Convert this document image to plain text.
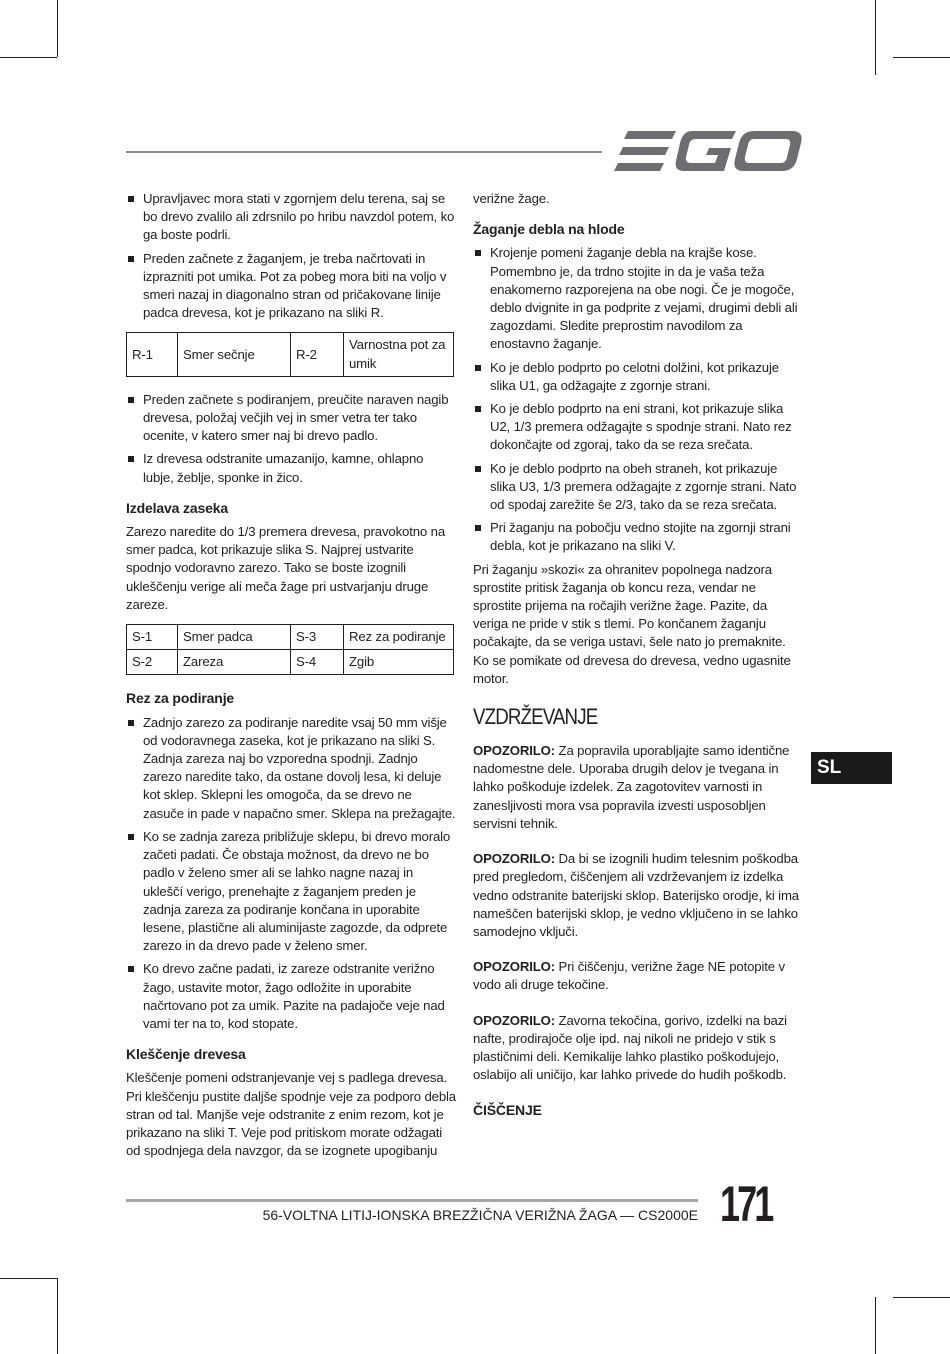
Upravljavec mora stati v zgornjem delu terena, saj se bo drevo zvalilo ali zdrsnilo po hribu navzdol potem, ko ga boste podrli.
Preden začnete z žaganjem, je treba načrtovati in izprazniti pot umika. Pot za pobeg mora biti na voljo v smeri nazaj in diagonalno stran od pričakovane linije padca drevesa, kot je prikazano na sliki R.
R-1	Smer sečnje	R-2	Varnostna pot za umik
Preden začnete s podiranjem, preučite naraven nagib drevesa, položaj večjih vej in smer vetra ter tako ocenite, v katero smer naj bi drevo padlo.
Iz drevesa odstranite umazanijo, kamne, ohlapno lubje, žeblje, sponke in žico.
Izdelava zaseka

Zarezo naredite do 1/3 premera drevesa, pravokotno na smer padca, kot prikazuje slika S. Najprej ustvarite spodnjo vodoravno zarezo. Tako se boste izognili ukleščenju verige ali meča žage pri ustvarjanju druge zareze.

S-1	Smer padca	S-3	Rez za podiranje
S-2	Zareza	S-4	Zgib
Rez za podiranje
Zadnjo zarezo za podiranje naredite vsaj 50 mm višje od vodoravnega zaseka, kot je prikazano na sliki S. Zadnja zareza naj bo vzporedna spodnji. Zadnjo zarezo naredite tako, da ostane dovolj lesa, ki deluje kot sklep. Sklepni les omogoča, da se drevo ne zasuče in pade v napačno smer. Sklepa na prežagajte.
Ko se zadnja zareza približuje sklepu, bi drevo moralo začeti padati. Če obstaja možnost, da drevo ne bo padlo v želeno smer ali se lahko nagne nazaj in ukleščí verigo, prenehajte z žaganjem preden je zadnja zareza za podiranje končana in uporabite lesene, plastične ali aluminijaste zagozde, da odprete zarezo in da drevo pade v želeno smer.
Ko drevo začne padati, iz zareze odstranite verižno žago, ustavite motor, žago odložite in uporabite načrtovano pot za umik. Pazite na padajoče veje nad vami ter na to, kod stopate.
Kleščenje drevesa

Kleščenje pomeni odstranjevanje vej s padlega drevesa. Pri kleščenju pustite daljše spodnje veje za podporo debla stran od tal. Manjše veje odstranite z enim rezom, kot je prikazano na sliki T. Veje pod pritiskom morate odžagati od spodnjega dela navzgor, da se izognete upogibanju

verižne žage.

Žaganje debla na hlode
Krojenje pomeni žaganje debla na krajše kose. Pomembno je, da trdno stojite in da je vaša teža enakomerno razporejena na obe nogi. Če je mogoče, deblo dvignite in ga podprite z vejami, drugimi debli ali zagozdami. Sledite preprostim navodilom za enostavno žaganje.
Ko je deblo podprto po celotni dolžini, kot prikazuje slika U1, ga odžagajte z zgornje strani.
Ko je deblo podprto na eni strani, kot prikazuje slika U2, 1/3 premera odžagajte s spodnje strani. Nato rez dokončajte od zgoraj, tako da se reza srečata.
Ko je deblo podprto na obeh straneh, kot prikazuje slika U3, 1/3 premera odžagajte z zgornje strani. Nato od spodaj zarežite še 2/3, tako da se reza srečata.
Pri žaganju na pobočju vedno stojite na zgornji strani debla, kot je prikazano na sliki V.

Pri žaganju »skozi« za ohranitev popolnega nadzora sprostite pritisk žaganja ob koncu reza, vendar ne sprostite prijema na ročajih verižne žage. Pazite, da veriga ne pride v stik s tlemi. Po končanem žaganju počakajte, da se veriga ustavi, šele nato jo premaknite. Ko se pomikate od drevesa do drevesa, vedno ugasnite motor.

VZDRŽEVANJE

OPOZORILO: Za popravila uporabljajte samo identične nadomestne dele. Uporaba drugih delov je tvegana in lahko poškoduje izdelek. Za zagotovitev varnosti in zanesljivosti mora vsa popravila izvesti usposobljen servisni tehnik.

OPOZORILO: Da bi se izognili hudim telesnim poškodba pred pregledom, čiščenjem ali vzdrževanjem iz izdelka vedno odstranite baterijski sklop. Baterijsko orodje, ki ima nameščen baterijski sklop, je vedno vključeno in se lahko samodejno vključi.

OPOZORILO: Pri čiščenju, verižne žage NE potopite v vodo ali druge tekočine.

OPOZORILO: Zavorna tekočina, gorivo, izdelki na bazi nafte, prodirajoče olje ipd. naj nikoli ne pridejo v stik s plastičnimi deli. Kemikalije lahko plastiko poškodujejo, oslabijo ali uničijo, kar lahko privede do hudih poškodb.

ČIŠČENJE
SL
56-VOLTNA LITIJ-IONSKA BREZŽIČNA VERIŽNA ŽAGA — CS2000E 171
